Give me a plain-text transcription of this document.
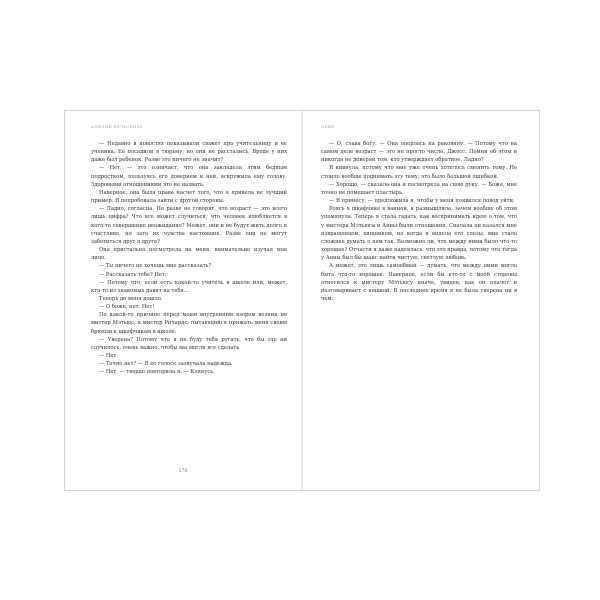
АМЕЛИЯ БЕЛЬСКИХЪ

— Недавно в новостях показывали сюжет про учительницу и ее ученика. Ее посадили в тюрьму, но они не расстались. Вроде у них даже был ребенок. Разве это ничего не значит?

— Нет, — это означает, что она закладела этим бедным подростком, пользуясь его доверием к ней, вскружила ему голову. Здоровыми отношениями это не назвать.

Наверное, она была права насчет того, что я привела не лучший пример. Я попробовала зайти с другой стороны.

— Ладно, согласна. Но разве не говорят, что возраст — это всего лишь цифра? Что все может случиться, что человек влюбляется в кого-то совершенно неожиданно? Может, они и не будут жить долго и счастливо, но зато их чувства настоящие. Разве они не могут заботиться друг о друге?

Она пристально посмотрела на меня, внимательно изучая мое лицо.

— Ты ничего не хочешь мне рассказать?

— Рассказать тебе? Нет.

— Потому что, если есть какой-то учитель в школе или, может, кто-то из знакомых давит на тебя…

Теперь до меня дошло.

— О боже, нет. Нет!

По какой-то причине перед моим внутренним взором возник не мистер Мэтьюс, а мистер Ричардс, пытающийся прижать меня своим брюхом к шкафчикам в школе.

— Уверена? Потому что я не буду тебя ругать, что бы это ни случилось, очень важно, чтобы мы могли все сделать.

— Нет.

— Точно нет? — В ее голосе зазвучала надежда.

— Нет, — твердо повторила я. — Клянусь.

170
ОКНО

— О, слава богу. — Она оперлась на раковину. — Потому что на самом деле возраст — это не просто число, Джесс. Помни об этом и никогда не доверяй тем, кто утверждает обратное. Ладно?

Я кивнула, потому что мне уже очень хотелось сменить тему. Не стоило вообще поднимать эту тему, это было большой ошибкой.

— Хорошо, — сказала она и посмотрела на свою руку. — Боже, мне точно не помешает пластырь.

— Я принесу, — предложила я, чтобы у меня появился повод уйти.

Роясь в шкафчике в ванной, я размышляла, зачем вообще об этом упомянула. Теперь я стала гадать, как воспринимать идею о том, что у мистера Мэтьюса и Анны были отношения. Сначала он казался мне извращенцем, хищником, но когда я видела его слезы, мне стало сложнее думать о нем так. Возможно ли, что между ними было что-то хорошее? Отчасти я даже надеялась, что это правда, потому что тогда у Анны был бы шанс найти чистую, светлую любовь.

А может, это лишь самообман — думать, что между ними могло быть что-то хорошее. Наверное, если бы кто-то с моей стороны относился к мистеру Мэтьюсу иначе, увидев, как он плачет и разговаривает с кошкой. В последнее время я не была уверена ни в чем.
